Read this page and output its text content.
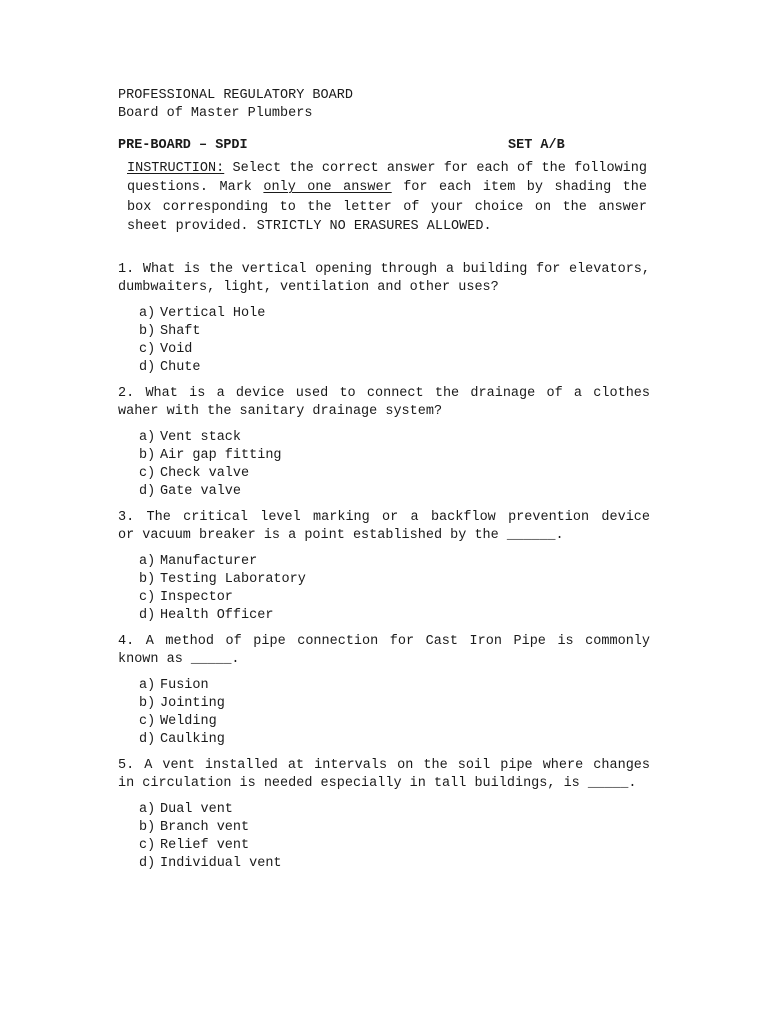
PROFESSIONAL REGULATORY BOARD
Board of Master Plumbers
PRE-BOARD – SPDI	SET A/B
INSTRUCTION: Select the correct answer for each of the following
questions. Mark only one answer for each item by shading the
box corresponding to the letter of your choice on the answer
sheet provided. STRICTLY NO ERASURES ALLOWED.
1. What is the vertical opening through a building for elevators,
dumbwaiters, light, ventilation and other uses?
a) Vertical Hole
b) Shaft
c) Void
d) Chute
2. What is a device used to connect the drainage of a clothes
waher with the sanitary drainage system?
a) Vent stack
b) Air gap fitting
c) Check valve
d) Gate valve
3. The critical level marking or a backflow prevention device
or vacuum breaker is a point established by the ______.
a) Manufacturer
b) Testing Laboratory
c) Inspector
d) Health Officer
4. A method of pipe connection for Cast Iron Pipe is commonly
known as _____.
a) Fusion
b) Jointing
c) Welding
d) Caulking
5. A vent installed at intervals on the soil pipe where changes
in circulation is needed especially in tall buildings, is _____.
a) Dual vent
b) Branch vent
c) Relief vent
d) Individual vent
